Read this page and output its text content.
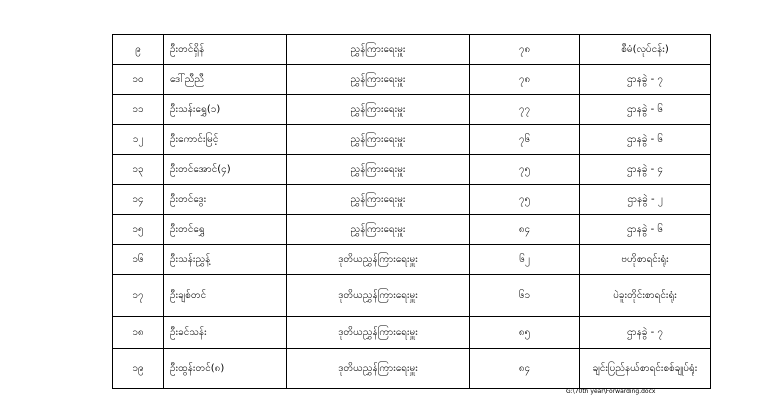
၉	ဦးတင်ရှိန်	ညွှန်ကြားရေးမှူး	၇၈	စီမံ(လုပ်ငန်း)
၁၀	ဒေါ်ညီညီ	ညွှန်ကြားရေးမှူး	၇၈	ဌာနခွဲ - ၇
၁၁	ဦးသန်းရွှေ(၁)	ညွှန်ကြားရေးမှူး	၇၇	ဌာနခွဲ - ၆
၁၂	ဦးကောင်းမြင့်	ညွှန်ကြားရေးမှူး	၇၆	ဌာနခွဲ - ၆
၁၃	ဦးတင်အောင်(၄)	ညွှန်ကြားရေးမှူး	၇၅	ဌာနခွဲ - ၄
၁၄	ဦးတင်ဒွေး	ညွှန်ကြားရေးမှူး	၇၅	ဌာနခွဲ - ၂
၁၅	ဦးတင်ရွှေ	ညွှန်ကြားရေးမှူး	၈၄	ဌာနခွဲ - ၆
၁၆	ဦးသန်းညွှန့်	ဒုတိယညွှန်ကြားရေးမှူး	၆၂	ဗဟိုစာရင်းရုံး
၁၇	ဦးချစ်တင်	ဒုတိယညွှန်ကြားရေးမှူး	၆၁	ပဲခူးတိုင်းစာရင်းရုံး
၁၈	ဦးခင်သန်း	ဒုတိယညွှန်ကြားရေးမှူး	၈၅	ဌာနခွဲ - ၇
၁၉	ဦးထွန်းတင်(၈)	ဒုတိယညွှန်ကြားရေးမှူး	၈၄	ချင်းပြည်နယ်စာရင်းစစ်ချုပ်ရုံး
G:\70th year\Forwarding.docx
